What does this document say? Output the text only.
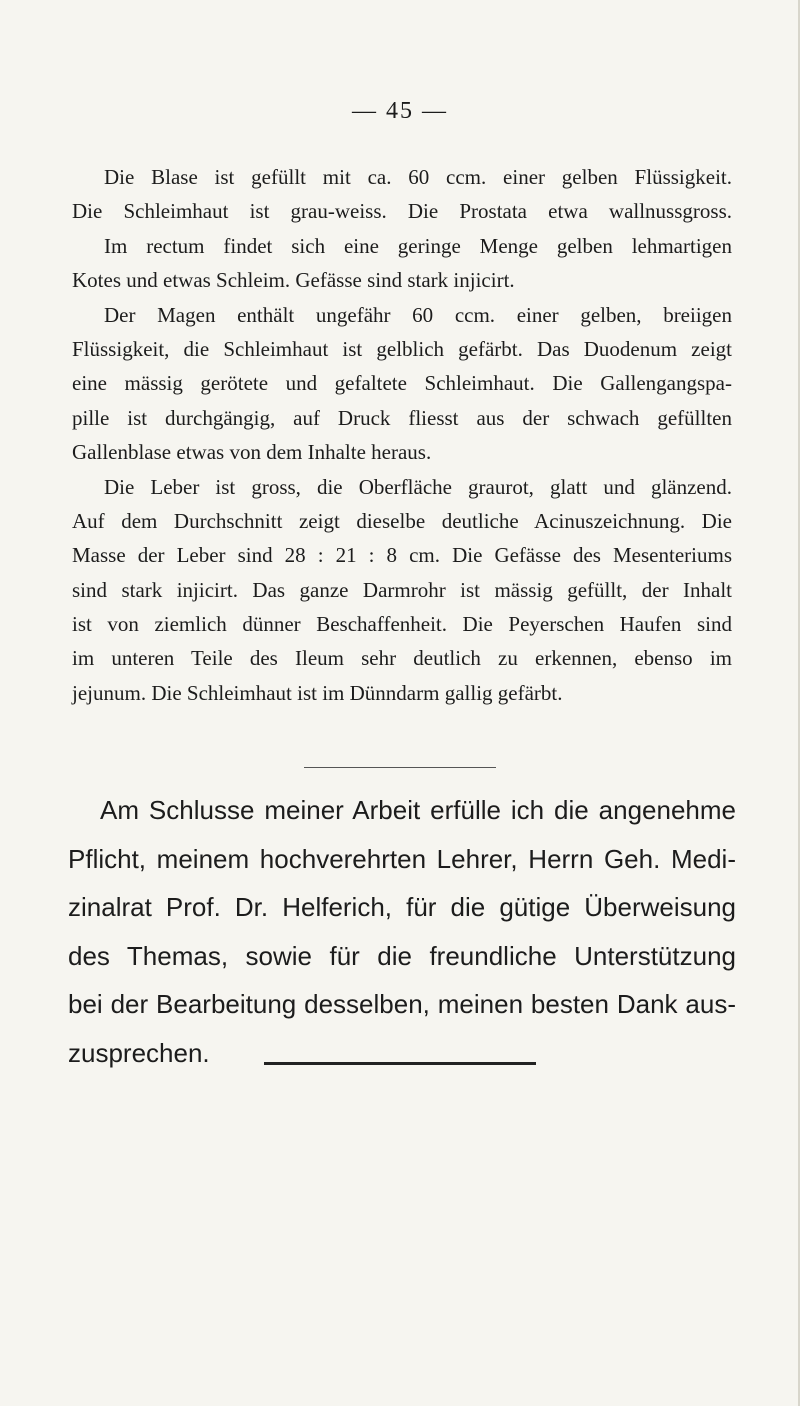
— 45 —
Die Blase ist gefüllt mit ca. 60 ccm. einer gelben Flüssigkeit.
Die Schleimhaut ist grau-weiss. Die Prostata etwa wallnussgross.
Im rectum findet sich eine geringe Menge gelben lehmartigen
Kotes und etwas Schleim. Gefässe sind stark injicirt.
Der Magen enthält ungefähr 60 ccm. einer gelben, breiigen
Flüssigkeit, die Schleimhaut ist gelblich gefärbt. Das Duodenum zeigt
eine mässig gerötete und gefaltete Schleimhaut. Die Gallengangspa-
pille ist durchgängig, auf Druck fliesst aus der schwach gefüllten
Gallenblase etwas von dem Inhalte heraus.
Die Leber ist gross, die Oberfläche graurot, glatt und glänzend.
Auf dem Durchschnitt zeigt dieselbe deutliche Acinuszeichnung. Die
Masse der Leber sind 28 : 21 : 8 cm. Die Gefässe des Mesenteriums
sind stark injicirt. Das ganze Darmrohr ist mässig gefüllt, der Inhalt
ist von ziemlich dünner Beschaffenheit. Die Peyerschen Haufen sind
im unteren Teile des Ileum sehr deutlich zu erkennen, ebenso im
jejunum. Die Schleimhaut ist im Dünndarm gallig gefärbt.
Am Schlusse meiner Arbeit erfülle ich die angenehme
Pflicht, meinem hochverehrten Lehrer, Herrn Geh. Medi-
zinalrat Prof. Dr. Helferich, für die gütige Überweisung
des Themas, sowie für die freundliche Unterstützung
bei der Bearbeitung desselben, meinen besten Dank aus-
zusprechen.
